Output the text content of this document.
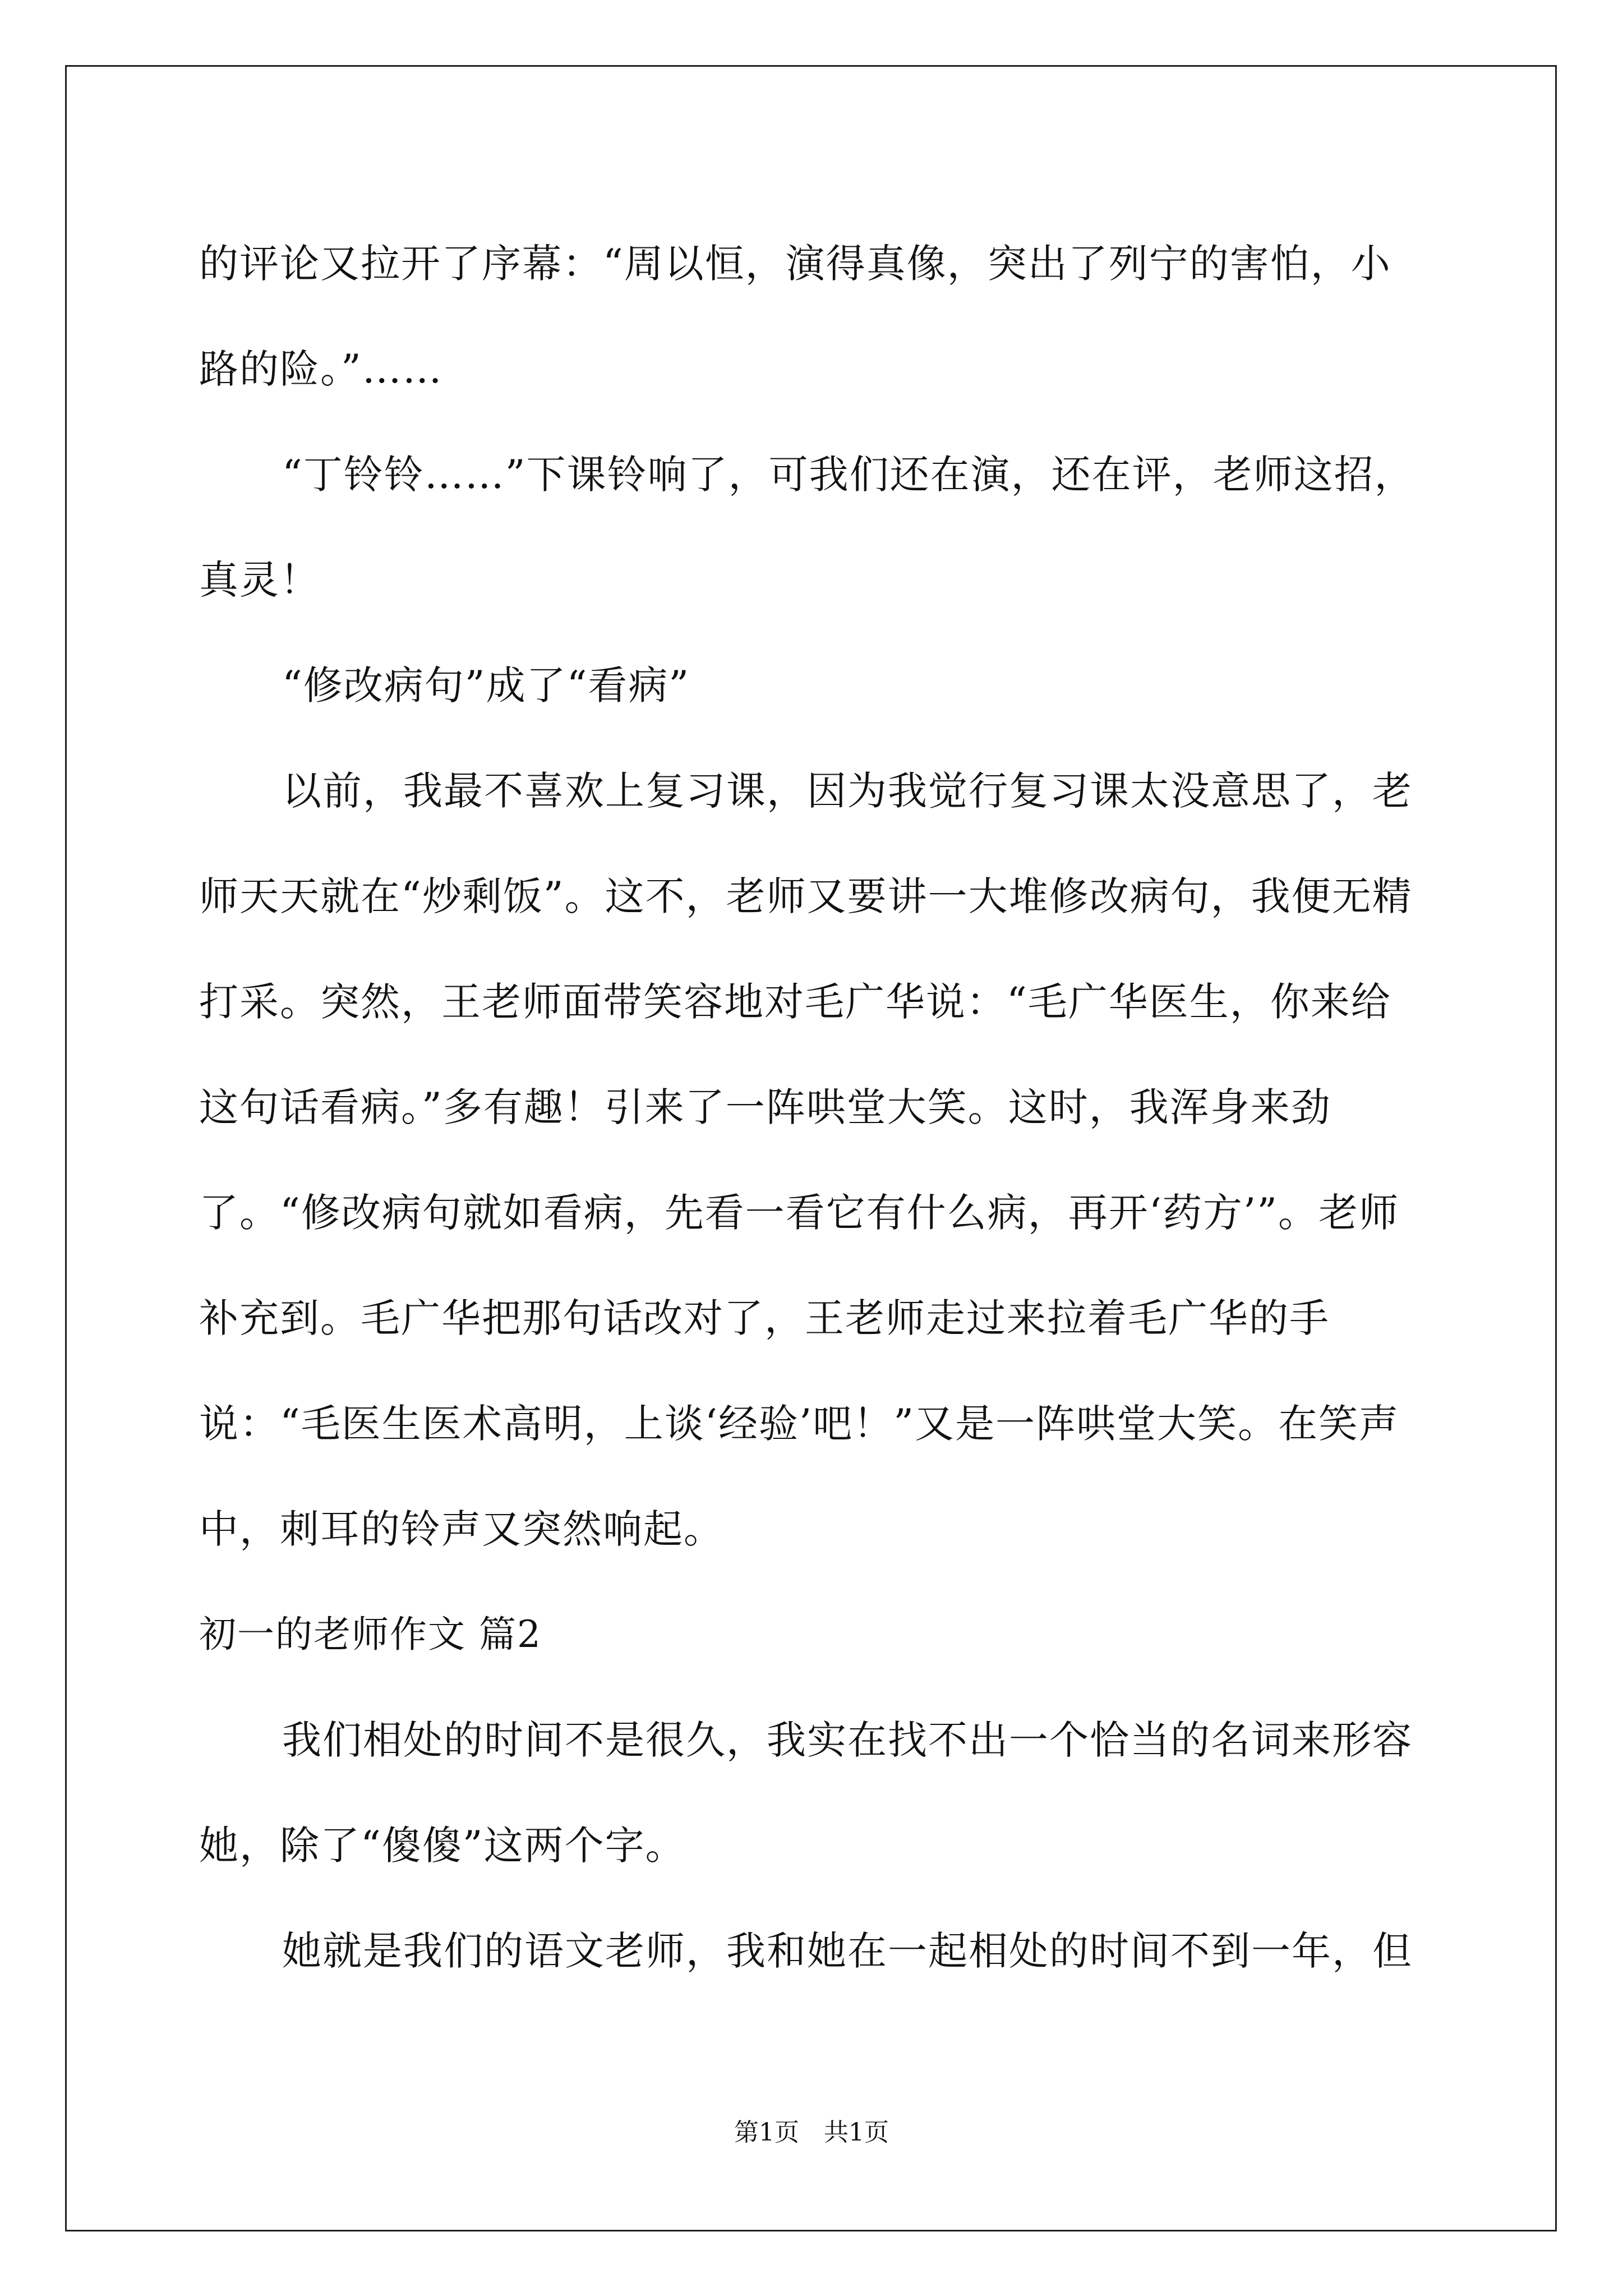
的评论又拉开了序幕：“周以恒，演得真像，突出了列宁的害怕，小路的险。”……

“丁铃铃……”下课铃响了，可我们还在演，还在评，老师这招，真灵！

“修改病句”成了“看病”

以前，我最不喜欢上复习课，因为我觉行复习课太没意思了，老师天天就在“炒剩饭”。这不，老师又要讲一大堆修改病句，我便无精打采。突然，王老师面带笑容地对毛广华说：“毛广华医生，你来给这句话看病。”多有趣！引来了一阵哄堂大笑。这时，我浑身来劲了。“修改病句就如看病，先看一看它有什么病，再开‘药方’”。老师补充到。毛广华把那句话改对了，王老师走过来拉着毛广华的手说：“毛医生医术高明，上谈‘经验’吧！”又是一阵哄堂大笑。在笑声中，刺耳的铃声又突然响起。

初一的老师作文 篇2

我们相处的时间不是很久，我实在找不出一个恰当的名词来形容她，除了“傻傻”这两个字。

她就是我们的语文老师，我和她在一起相处的时间不到一年，但

第1页　共1页
